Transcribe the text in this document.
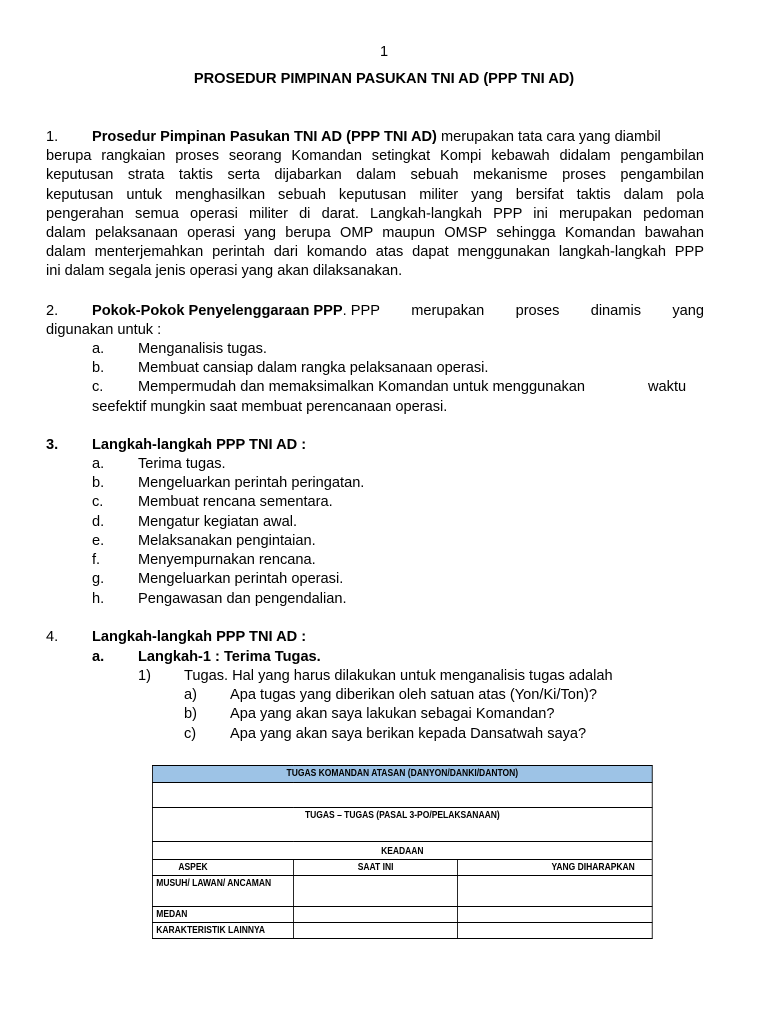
1
PROSEDUR PIMPINAN PASUKAN TNI AD (PPP TNI AD)
1. Prosedur Pimpinan Pasukan TNI AD (PPP TNI AD) merupakan tata cara yang diambil
berupa rangkaian proses seorang Komandan setingkat Kompi kebawah didalam pengambilan
keputusan strata taktis serta dijabarkan dalam sebuah mekanisme proses pengambilan
keputusan untuk menghasilkan sebuah keputusan militer yang bersifat taktis dalam pola
pengerahan semua operasi militer di darat. Langkah-langkah PPP ini merupakan pedoman
dalam pelaksanaan operasi yang berupa OMP maupun OMSP sehingga Komandan bawahan
dalam menterjemahkan perintah dari komando atas dapat menggunakan langkah-langkah PPP
ini dalam segala jenis operasi yang akan dilaksanakan.
2. Pokok-Pokok Penyelenggaraan PPP. PPP merupakan proses dinamis yang
digunakan untuk :
a. Menganalisis tugas.
b. Membuat cansiap dalam rangka pelaksanaan operasi.
c. Mempermudah dan memaksimalkan Komandan untuk menggunakan	waktu
seefektif mungkin saat membuat perencanaan operasi.
3. Langkah-langkah PPP TNI AD :
a. Terima tugas.
b. Mengeluarkan perintah peringatan.
c. Membuat rencana sementara.
d. Mengatur kegiatan awal.
e. Melaksanakan pengintaian.
f.	Menyempurnakan rencana.
g. Mengeluarkan perintah operasi.
h. Pengawasan dan pengendalian.
4. Langkah-langkah PPP TNI AD :
a. Langkah-1 : Terima Tugas.
1) Tugas. Hal yang harus dilakukan untuk menganalisis tugas adalah
a) Apa tugas yang diberikan oleh satuan atas (Yon/Ki/Ton)?
b) Apa yang akan saya lakukan sebagai Komandan?
c) Apa yang akan saya berikan kepada Dansatwah saya?
TUGAS KOMANDAN ATASAN (DANYON/DANKI/DANTON)		

TUGAS – TUGAS (PASAL 3-PO/PELAKSANAAN)		

KEADAAN		
ASPEK	SAAT INI	YANG DIHARAPKAN
MUSUH/ LAWAN/ ANCAMAN		
MEDAN		
KARAKTERISTIK LAINNYA		
